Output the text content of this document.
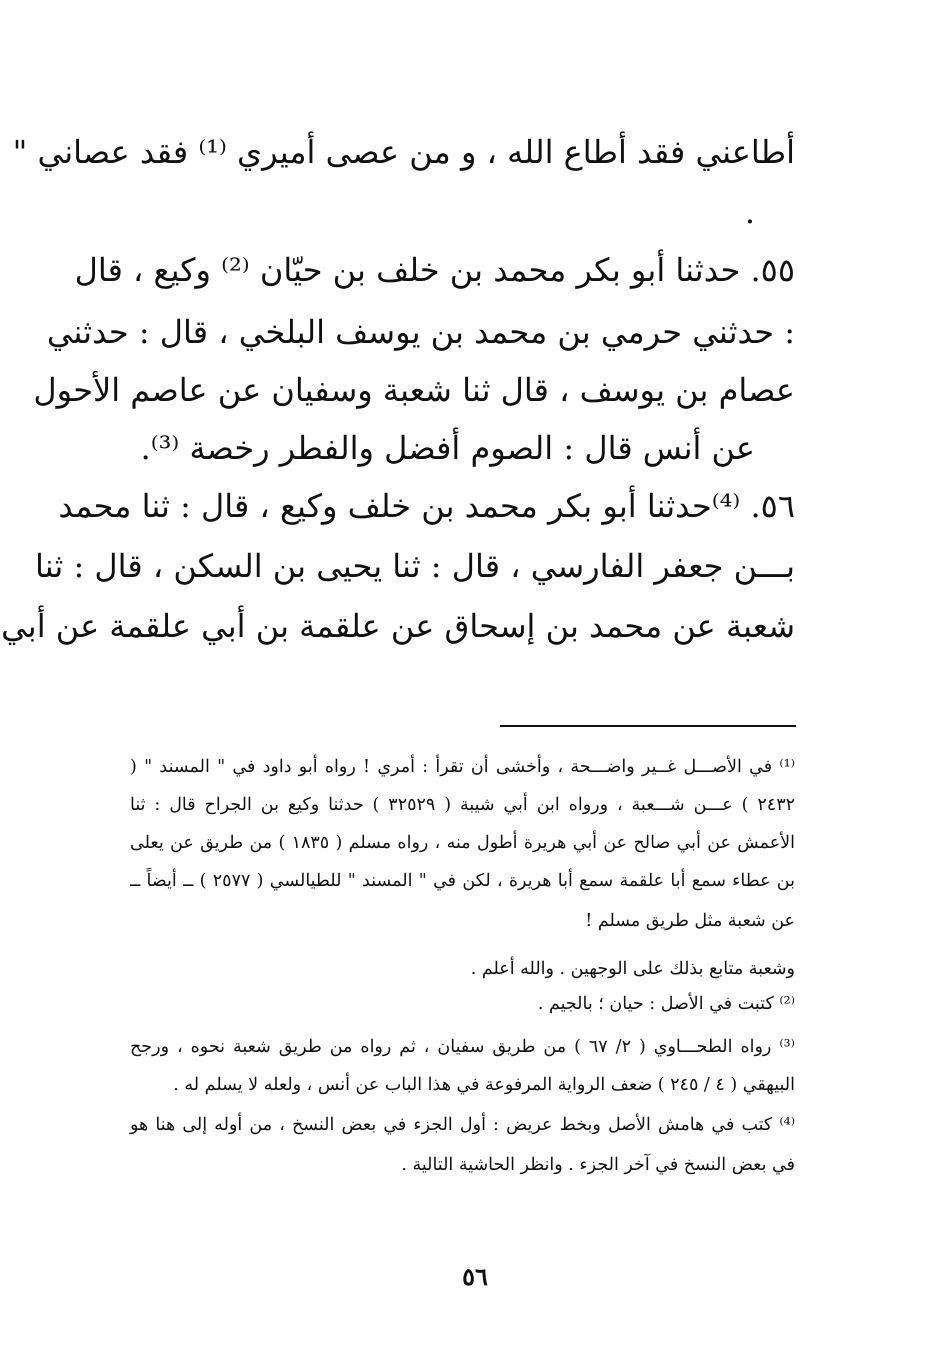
أطاعني فقد أطاع الله ، و من عصى أميري ⁽¹⁾ فقد عصاني "
.
٥٥. حدثنا أبو بكر محمد بن خلف بن حيّان ⁽²⁾ وكيع ، قال
: حدثني حرمي بن محمد بن يوسف البلخي ، قال : حدثني
عصام بن يوسف ، قال ثنا شعبة وسفيان عن عاصم الأحول
عن أنس قال : الصوم أفضل والفطر رخصة ⁽³⁾.
٥٦. ⁽⁴⁾حدثنا أبو بكر محمد بن خلف وكيع ، قال : ثنا محمد
بـــن جعفر الفارسي ، قال : ثنا يحيى بن السكن ، قال : ثنا
شعبة عن محمد بن إسحاق عن علقمة بن أبي علقمة عن أبي
⁽¹⁾ في الأصـــل غــير واضـــحة ، وأخشى أن تقرأ : أمري ! رواه أبو داود في " المسند " (
٢٤٣٢ ) عـــن شـــعبة ، ورواه ابن أبي شيبة ( ٣٢٥٢٩ ) حدثنا وكيع بن الجراح قال : ثنا
الأعمش عن أبي صالح عن أبي هريرة أطول منه ، رواه مسلم ( ١٨٣٥ ) من طريق عن يعلى
بن عطاء سمع أبا علقمة سمع أبا هريرة ، لكن في " المسند " للطيالسي ( ٢٥٧٧ ) ــ أيضاً ــ
عن شعبة مثل طريق مسلم !
وشعبة متابع بذلك على الوجهين . والله أعلم .
⁽²⁾ كتبت في الأصل : حيان ؛ بالجيم .
⁽³⁾ رواه الطحـــاوي ( ٢/ ٦٧ ) من طريق سفيان ، ثم رواه من طريق شعبة نحوه ، ورجح
البيهقي ( ٤ / ٢٤٥ ) ضعف الرواية المرفوعة في هذا الباب عن أنس ، ولعله لا يسلم له .
⁽⁴⁾ كتب في هامش الأصل وبخط عريض : أول الجزء في بعض النسخ ، من أوله إلى هنا هو
في بعض النسخ في آخر الجزء . وانظر الحاشية التالية .
٥٦
